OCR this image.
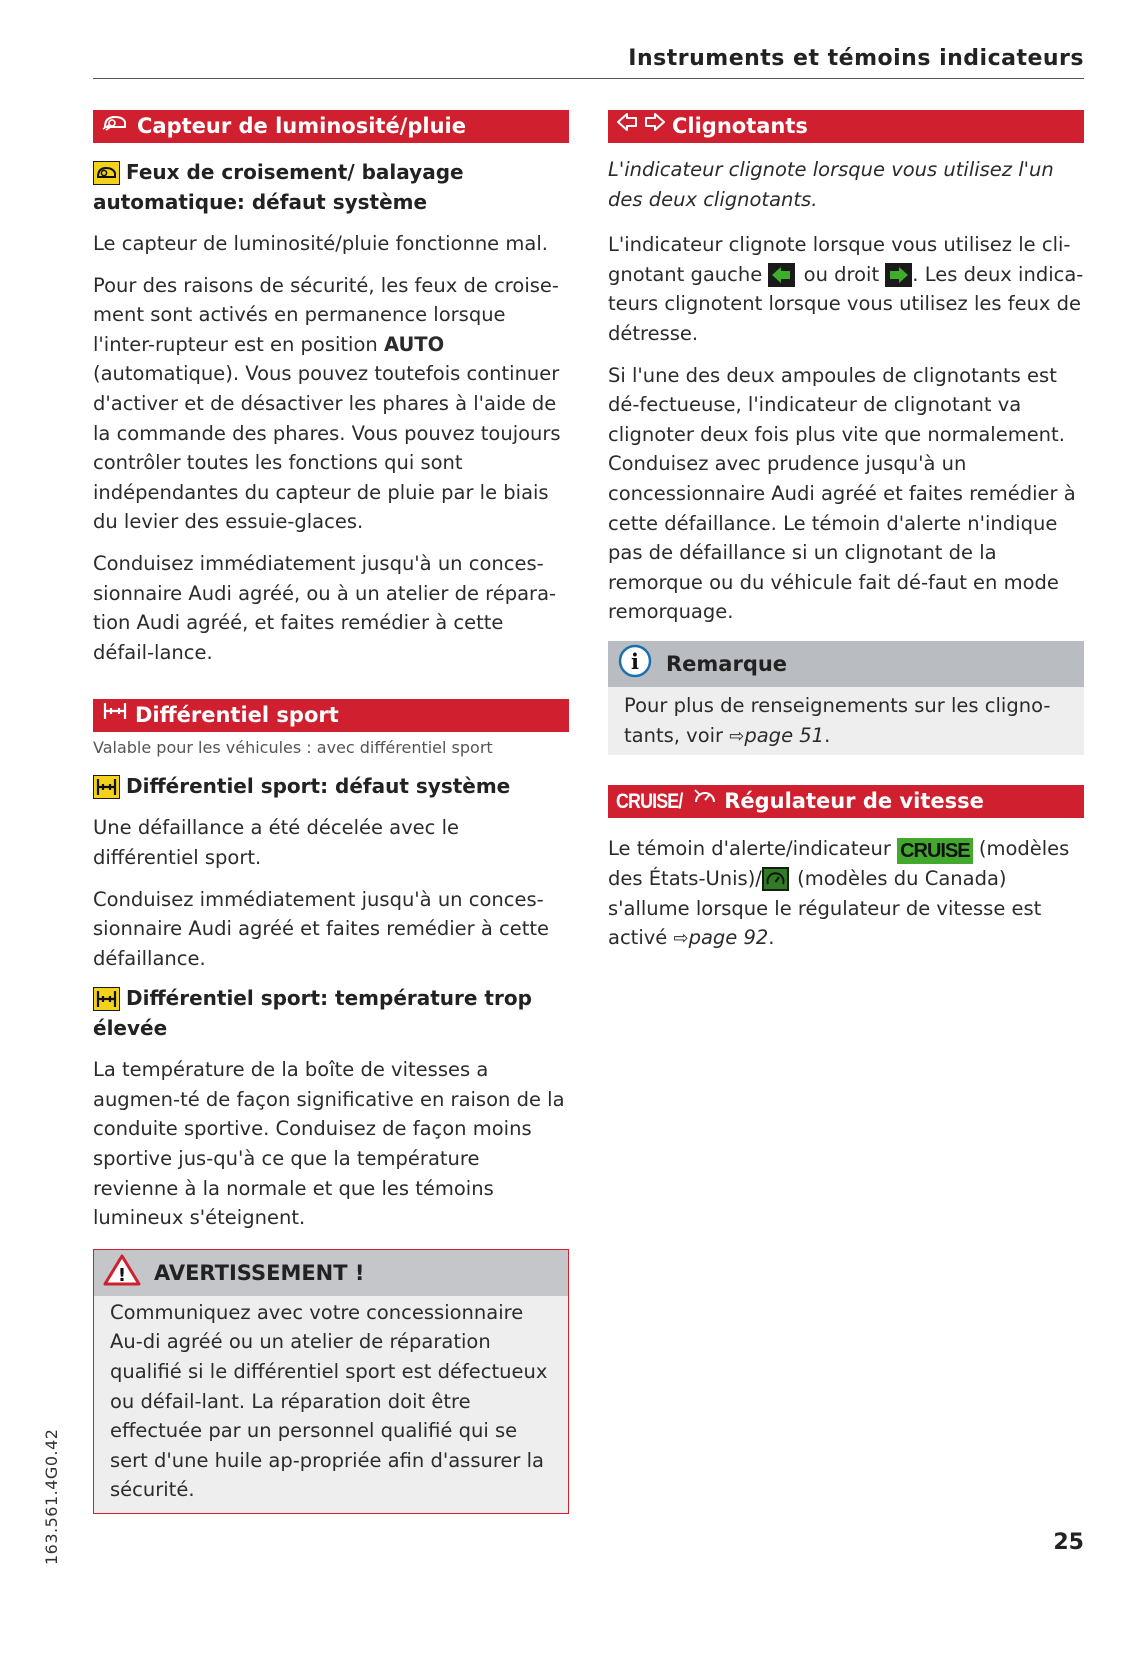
Instruments et témoins indicateurs
Capteur de luminosité/pluie
Feux de croisement/ balayage automatique: défaut système

Le capteur de luminosité/pluie fonctionne mal.

Pour des raisons de sécurité, les feux de croise-ment sont activés en permanence lorsque l'inter-rupteur est en position AUTO (automatique). Vous pouvez toutefois continuer d'activer et de désactiver les phares à l'aide de la commande des phares. Vous pouvez toujours contrôler toutes les fonctions qui sont indépendantes du capteur de pluie par le biais du levier des essuie-glaces.

Conduisez immédiatement jusqu'à un conces-sionnaire Audi agréé, ou à un atelier de répara-tion Audi agréé, et faites remédier à cette défail-lance.

Différentiel sport
Valable pour les véhicules : avec différentiel sport
Différentiel sport: défaut système

Une défaillance a été décelée avec le différentiel sport.

Conduisez immédiatement jusqu'à un conces-sionnaire Audi agréé et faites remédier à cette défaillance.

Différentiel sport: température trop élevée

La température de la boîte de vitesses a augmen-té de façon significative en raison de la conduite sportive. Conduisez de façon moins sportive jus-qu'à ce que la température revienne à la normale et que les témoins lumineux s'éteignent.

! AVERTISSEMENT !

Communiquez avec votre concessionnaire Au-di agréé ou un atelier de réparation qualifié si le différentiel sport est défectueux ou défail-lant. La réparation doit être effectuée par un personnel qualifié qui se sert d'une huile ap-propriée afin d'assurer la sécurité.

Clignotants

L'indicateur clignote lorsque vous utilisez l'un des deux clignotants.

L'indicateur clignote lorsque vous utilisez le cli-gnotant gauche
ou droit
. Les deux indica-teurs clignotent lorsque vous utilisez les feux de détresse.

Si l'une des deux ampoules de clignotants est dé-fectueuse, l'indicateur de clignotant va clignoter deux fois plus vite que normalement. Conduisez avec prudence jusqu'à un concessionnaire Audi agréé et faites remédier à cette défaillance. Le témoin d'alerte n'indique pas de défaillance si un clignotant de la remorque ou du véhicule fait dé-faut en mode remorquage.

i Remarque

Pour plus de renseignements sur les cligno-tants, voir ⇨page 51.

CRUISE/ Régulateur de vitesse

Le témoin d'alerte/indicateur CRUISE (modèles des États-Unis)/
(modèles du Canada) s'allume lorsque le régulateur de vitesse est activé ⇨page 92.

163.561.4G0.42	25
